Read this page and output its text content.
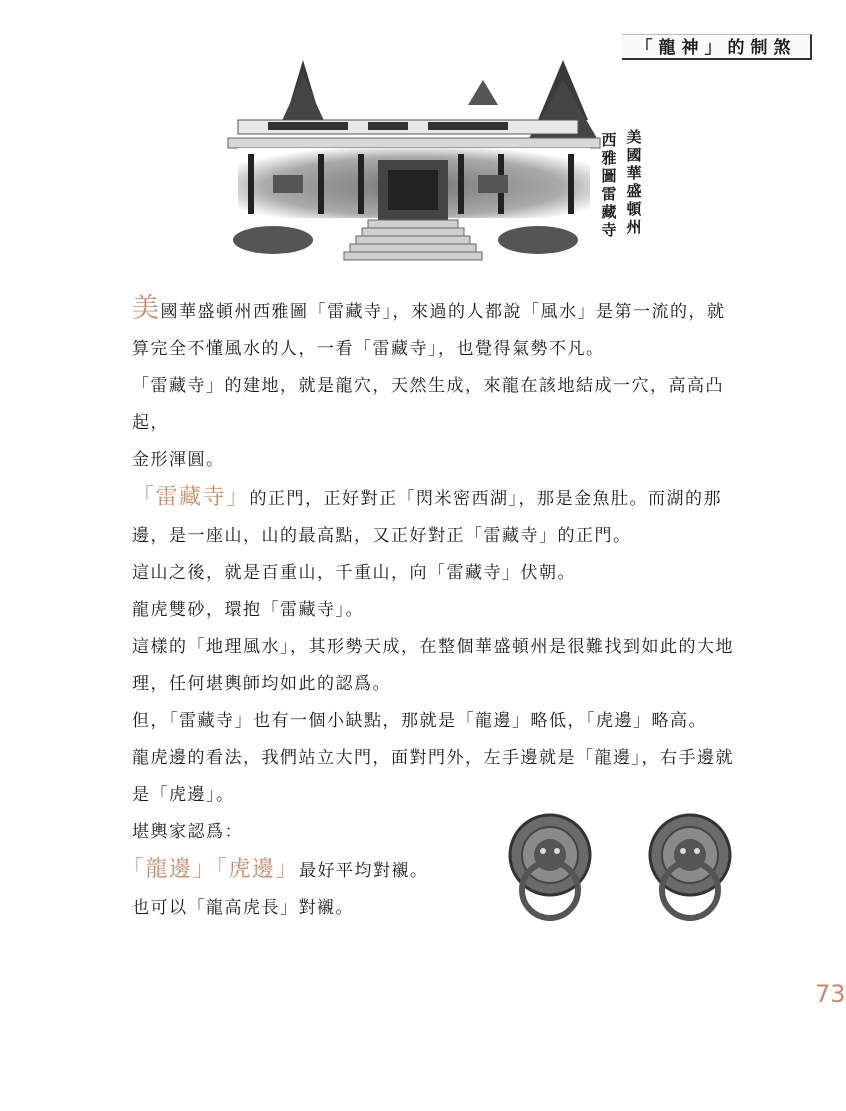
「龍神」的制煞
美國華盛頓州
西雅圖雷藏寺

美國華盛頓州西雅圖「雷藏寺」，來過的人都說「風水」是第一流的，就算完全不懂風水的人，一看「雷藏寺」，也覺得氣勢不凡。

「雷藏寺」的建地，就是龍穴，天然生成，來龍在該地結成一穴，高高凸起，

金形渾圓。

「雷藏寺」的正門，正好對正「閃米密西湖」，那是金魚肚。而湖的那邊，是一座山，山的最高點，又正好對正「雷藏寺」的正門。

這山之後，就是百重山，千重山，向「雷藏寺」伏朝。

龍虎雙砂，環抱「雷藏寺」。

這樣的「地理風水」，其形勢天成，在整個華盛頓州是很難找到如此的大地理，任何堪輿師均如此的認爲。

但，「雷藏寺」也有一個小缺點，那就是「龍邊」略低，「虎邊」略高。

龍虎邊的看法，我們站立大門，面對門外，左手邊就是「龍邊」，右手邊就是「虎邊」。

堪輿家認爲：

「龍邊」「虎邊」最好平均對襯。

也可以「龍高虎長」對襯。

73
